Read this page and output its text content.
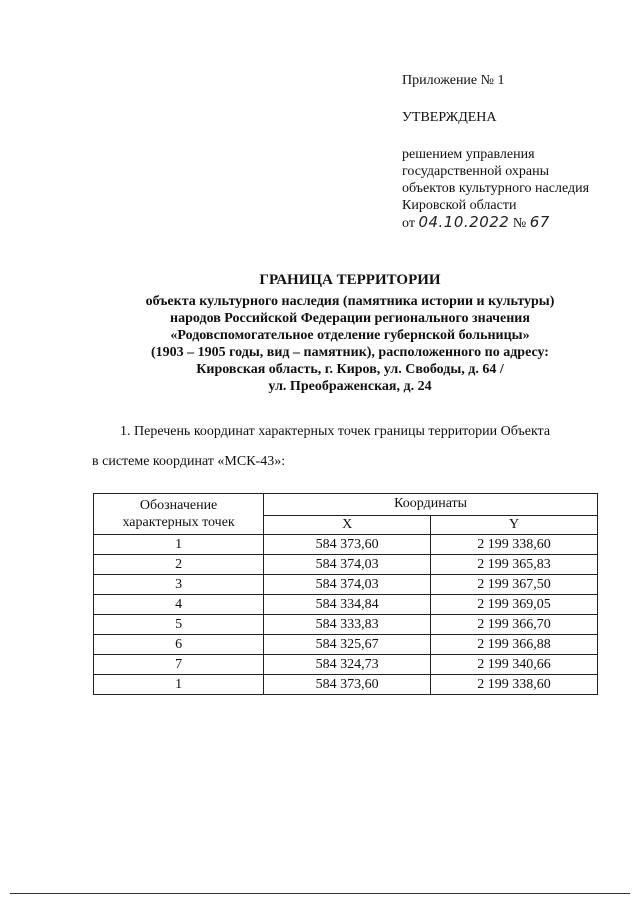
Приложение № 1

УТВЕРЖДЕНА

решением управления

государственной охраны

объектов культурного наследия

Кировской области

от 04.10.2022 № 67

ГРАНИЦА ТЕРРИТОРИИ
объекта культурного наследия (памятника истории и культуры)
народов Российской Федерации регионального значения
«Родовспомогательное отделение губернской больницы»
(1903 – 1905 годы, вид – памятник), расположенного по адресу:
Кировская область, г. Киров, ул. Свободы, д. 64 /
ул. Преображенская, д. 24
1. Перечень координат характерных точек границы территории Объекта
в системе координат «МСК-43»:
Обозначение
характерных точек	Координаты	
	X	Y
1	584 373,60	2 199 338,60
2	584 374,03	2 199 365,83
3	584 374,03	2 199 367,50
4	584 334,84	2 199 369,05
5	584 333,83	2 199 366,70
6	584 325,67	2 199 366,88
7	584 324,73	2 199 340,66
1	584 373,60	2 199 338,60
